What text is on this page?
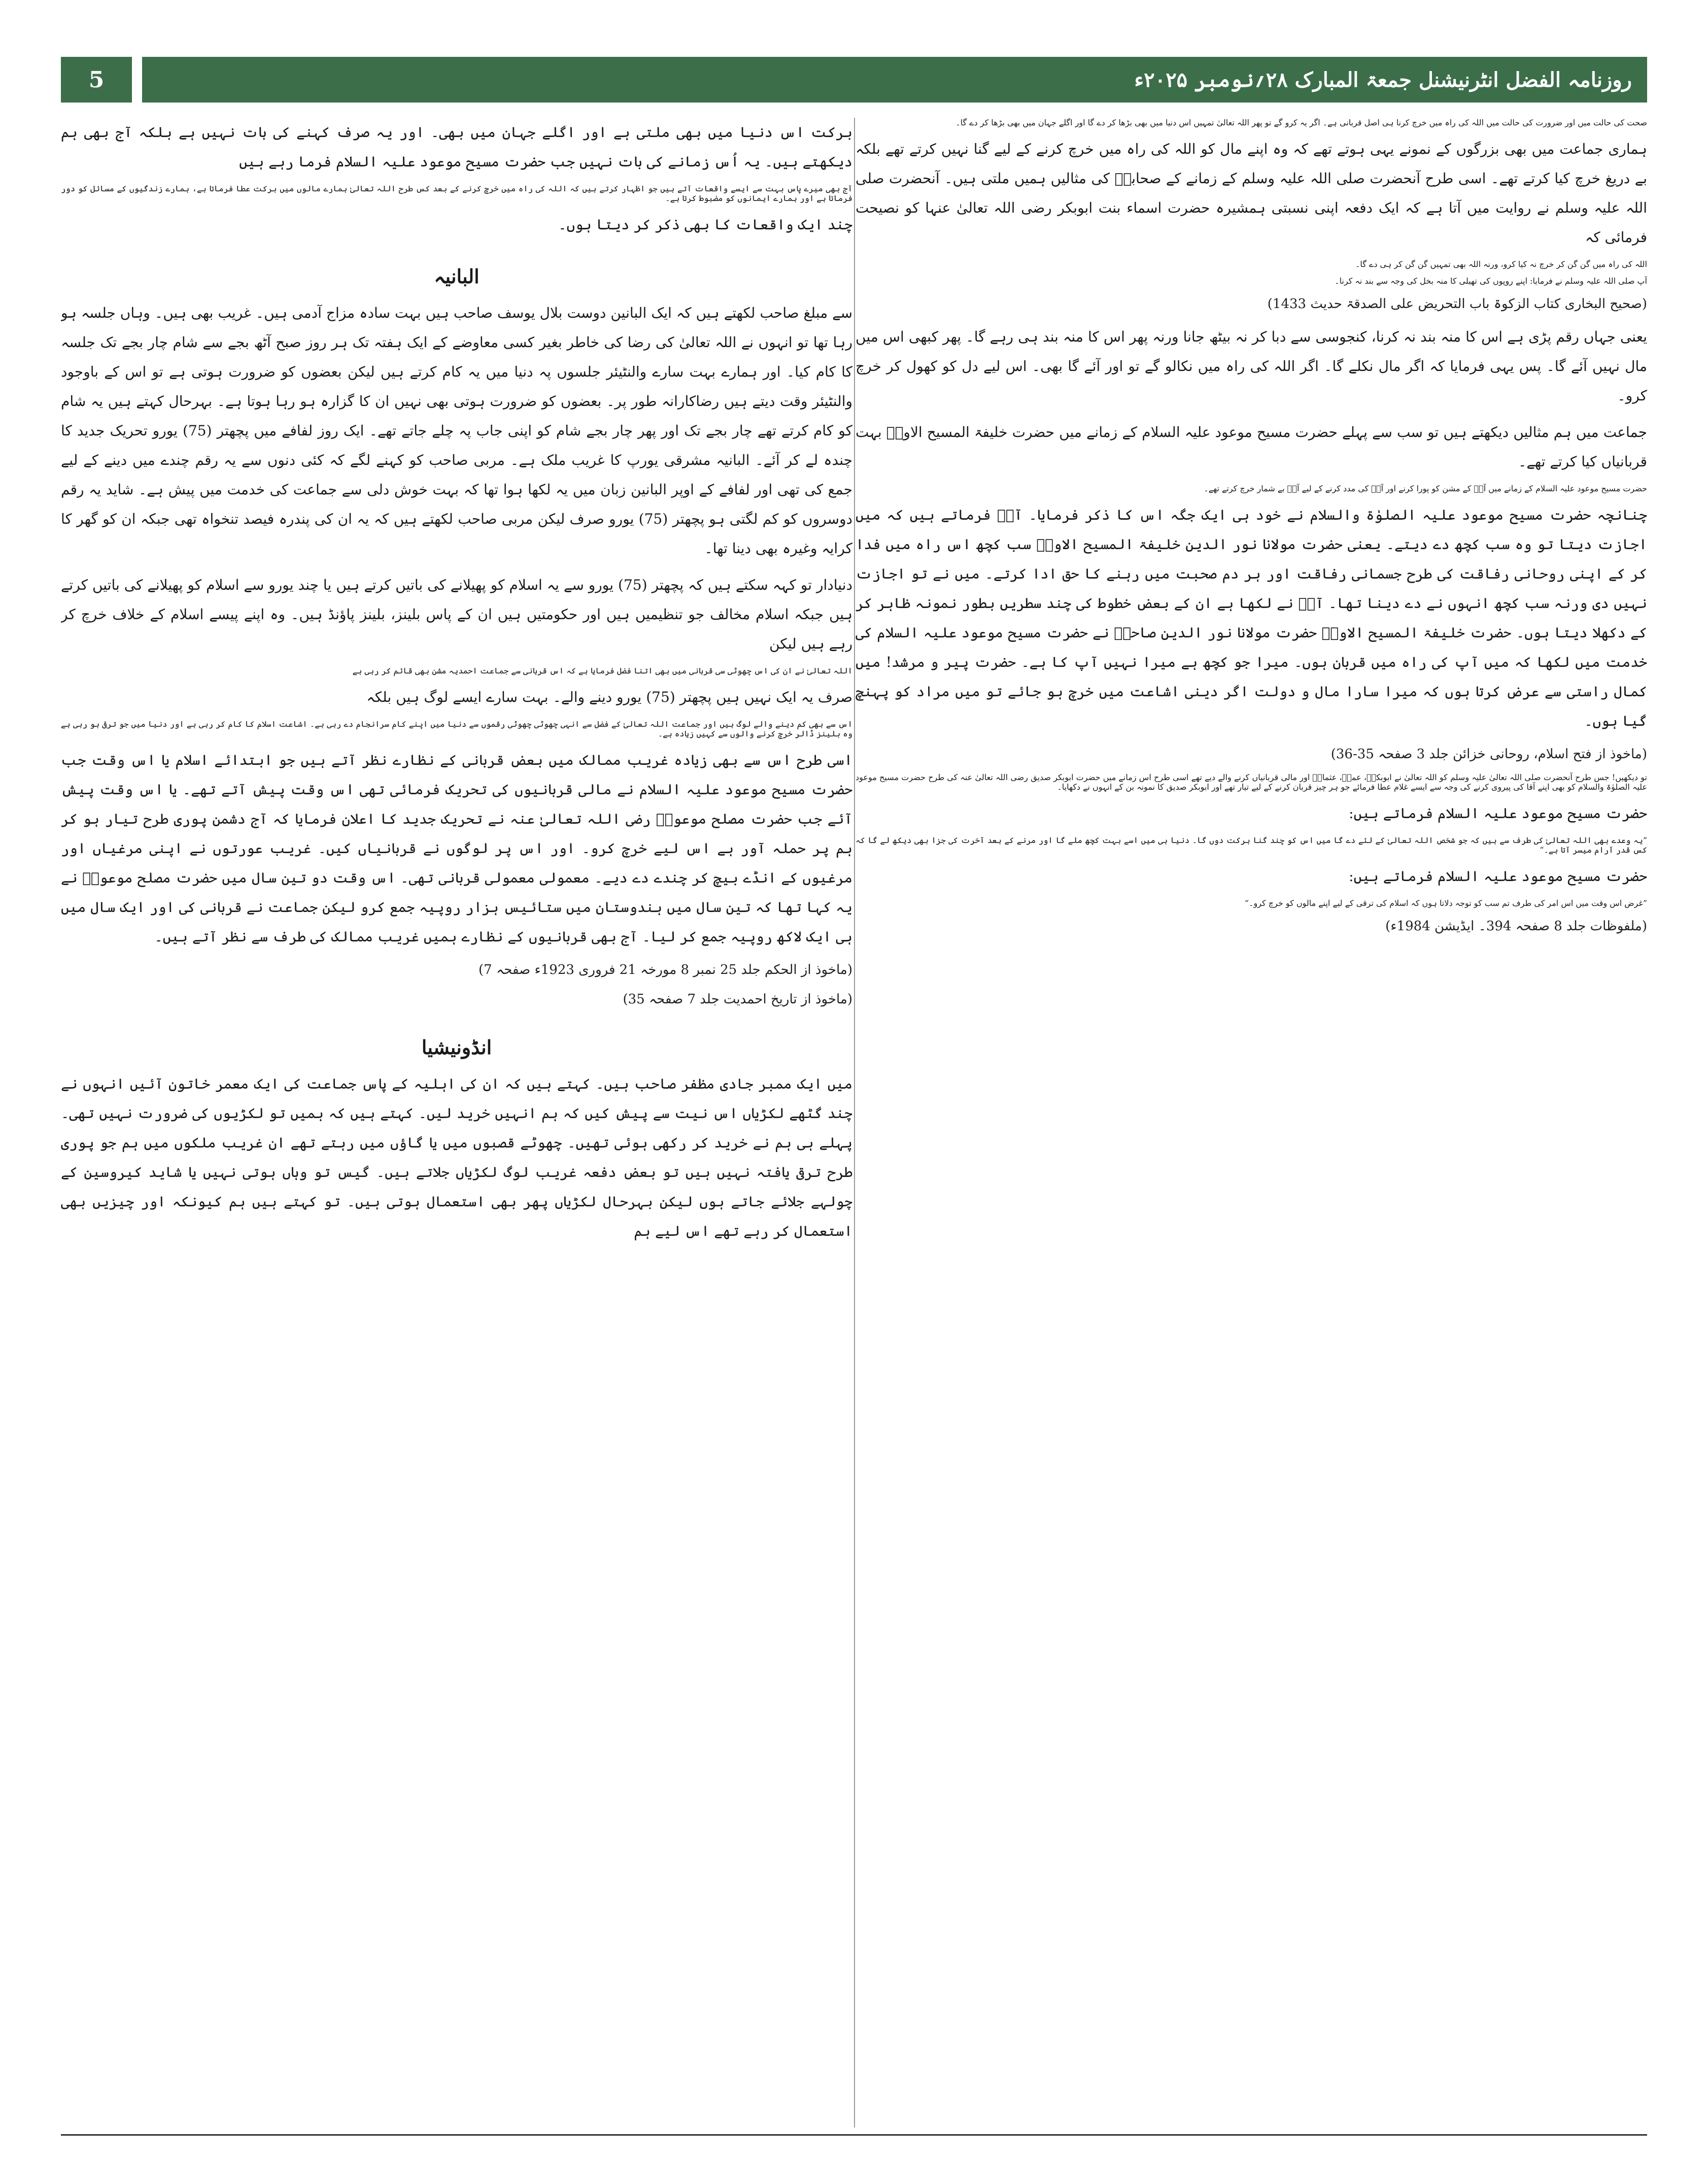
5	روزنامہ الفضل انٹرنیشنل جمعۃ المبارک ۲۸؍نومبر ۲۰۲۵ء

صحت کی حالت میں اور ضرورت کی حالت میں اللہ کی راہ میں خرچ کرنا ہی اصل قربانی ہے۔ اگر یہ کرو گے تو پھر اللہ تعالیٰ تمہیں اس دنیا میں بھی بڑھا کر دے گا اور اگلے جہان میں بھی بڑھا کر دے گا۔

ہماری جماعت میں بھی بزرگوں کے نمونے یہی ہوتے تھے کہ وہ اپنے مال کو اللہ کی راہ میں خرچ کرنے کے لیے گنا نہیں کرتے تھے بلکہ بے دریغ خرچ کیا کرتے تھے۔ اسی طرح آنحضرت صلی اللہ علیہ وسلم کے زمانے کے صحابہؓ کی مثالیں ہمیں ملتی ہیں۔ آنحضرت صلی اللہ علیہ وسلم نے روایت میں آتا ہے کہ ایک دفعہ اپنی نسبتی ہمشیرہ حضرت اسماء بنت ابوبکر رضی اللہ تعالیٰ عنہا کو نصیحت فرمائی کہ

اللہ کی راہ میں گن گن کر خرچ نہ کیا کرو، ورنہ اللہ بھی تمہیں گن گن کر ہی دے گا۔

آپ صلی اللہ علیہ وسلم نے فرمایا: اپنے روپوں کی تھیلی کا منہ بخل کی وجہ سے بند نہ کرنا۔

(صحیح البخاری کتاب الزکوۃ باب التحریض علی الصدقۃ حدیث 1433)

یعنی جہاں رقم پڑی ہے اس کا منہ بند نہ کرنا، کنجوسی سے دبا کر نہ بیٹھ جانا ورنہ پھر اس کا منہ بند ہی رہے گا۔ پھر کبھی اس میں مال نہیں آئے گا۔ پس یہی فرمایا کہ اگر مال نکلے گا۔ اگر اللہ کی راہ میں نکالو گے تو اور آئے گا بھی۔ اس لیے دل کو کھول کر خرچ کرو۔

جماعت میں ہم مثالیں دیکھتے ہیں تو سب سے پہلے حضرت مسیح موعود علیہ السلام کے زمانے میں حضرت خلیفۃ المسیح الاولؓ بہت قربانیاں کیا کرتے تھے۔

حضرت مسیح موعود علیہ السلام کے زمانے میں آپؑ کے مشن کو پورا کرنے اور آپؑ کی مدد کرنے کے لیے آپؓ بے شمار خرچ کرتے تھے۔

چنانچہ حضرت مسیح موعود علیہ الصلوٰۃ والسلام نے خود ہی ایک جگہ اس کا ذکر فرمایا۔ آپؑ فرماتے ہیں کہ میں اجازت دیتا تو وہ سب کچھ دے دیتے۔ یعنی حضرت مولانا نور الدین خلیفۃ المسیح الاولؓ سب کچھ اس راہ میں فدا کر کے اپنی روحانی رفاقت کی طرح جسمانی رفاقت اور ہر دم صحبت میں رہنے کا حق ادا کرتے۔ میں نے تو اجازت نہیں دی ورنہ سب کچھ انہوں نے دے دینا تھا۔ آپؑ نے لکھا ہے ان کے بعض خطوط کی چند سطریں بطور نمونہ ظاہر کر کے دکھلا دیتا ہوں۔ حضرت خلیفۃ المسیح الاولؓ حضرت مولانا نور الدین صاحبؓ نے حضرت مسیح موعود علیہ السلام کی خدمت میں لکھا کہ میں آپ کی راہ میں قربان ہوں۔ میرا جو کچھ ہے میرا نہیں آپ کا ہے۔ حضرت پیر و مرشد! میں کمال راستی سے عرض کرتا ہوں کہ میرا سارا مال و دولت اگر دینی اشاعت میں خرچ ہو جائے تو میں مراد کو پہنچ گیا ہوں۔

(ماخوذ از فتح اسلام، روحانی خزائن جلد 3 صفحہ 35-36)

تو دیکھیں! جس طرح آنحضرت صلی اللہ تعالیٰ علیہ وسلم کو اللہ تعالیٰ نے ابوبکرؓ، عمرؓ، عثمانؓ اور مالی قربانیاں کرنے والے دیے تھے اسی طرح اس زمانے میں حضرت ابوبکر صدیق رضی اللہ تعالیٰ عنہ کی طرح حضرت مسیح موعود علیہ الصلوٰۃ والسلام کو بھی اپنے آقا کی پیروی کرنے کی وجہ سے ایسے غلام عطا فرمائے جو ہر چیز قربان کرنے کے لیے تیار تھے اور ابوبکر صدیق کا نمونہ بن کے انہوں نے دکھایا۔

حضرت مسیح موعود علیہ السلام فرماتے ہیں:

”یہ وعدے بھی اللہ تعالیٰ کی طرف سے ہیں کہ جو شخص اللہ تعالیٰ کے لئے دے گا میں اس کو چند گنا برکت دوں گا۔ دنیا ہی میں اسے بہت کچھ ملے گا اور مرنے کے بعد آخرت کی جزا بھی دیکھ لے گا کہ کس قدر آرام میسر آتا ہے۔“

حضرت مسیح موعود علیہ السلام فرماتے ہیں:

”غرض اس وقت میں اس امر کی طرف تم سب کو توجہ دلاتا ہوں کہ اسلام کی ترقی کے لیے اپنے مالوں کو خرچ کرو۔“

(ملفوظات جلد 8 صفحہ 394۔ ایڈیشن 1984ء)

برکت اس دنیا میں بھی ملتی ہے اور اگلے جہان میں بھی۔ اور یہ صرف کہنے کی بات نہیں ہے بلکہ آج بھی ہم دیکھتے ہیں۔ یہ اُس زمانے کی بات نہیں جب حضرت مسیح موعود علیہ السلام فرما رہے ہیں

آج بھی میرے پاس بہت سے ایسے واقعات آتے ہیں جو اظہار کرتے ہیں کہ اللہ کی راہ میں خرچ کرنے کے بعد کس طرح اللہ تعالیٰ ہمارے مالوں میں برکت عطا فرماتا ہے، ہمارے زندگیوں کے مسائل کو دور فرماتا ہے اور ہمارے ایمانوں کو مضبوط کرتا ہے۔

چند ایک واقعات کا بھی ذکر کر دیتا ہوں۔

البانیہ

سے مبلغ صاحب لکھتے ہیں کہ ایک البانین دوست بلال یوسف صاحب ہیں بہت سادہ مزاج آدمی ہیں۔ غریب بھی ہیں۔ وہاں جلسہ ہو رہا تھا تو انہوں نے اللہ تعالیٰ کی رضا کی خاطر بغیر کسی معاوضے کے ایک ہفتہ تک ہر روز صبح آٹھ بجے سے شام چار بجے تک جلسہ کا کام کیا۔ اور ہمارے بہت سارے والنٹیئر جلسوں پہ دنیا میں یہ کام کرتے ہیں لیکن بعضوں کو ضرورت ہوتی ہے تو اس کے باوجود والنٹیئر وقت دیتے ہیں رضاکارانہ طور پر۔ بعضوں کو ضرورت ہوتی بھی نہیں ان کا گزارہ ہو رہا ہوتا ہے۔ بہرحال کہتے ہیں یہ شام کو کام کرتے تھے چار بجے تک اور پھر چار بجے شام کو اپنی جاب پہ چلے جاتے تھے۔ ایک روز لفافے میں پچھتر (75) یورو تحریک جدید کا چندہ لے کر آئے۔ البانیہ مشرقی یورپ کا غریب ملک ہے۔ مربی صاحب کو کہنے لگے کہ کئی دنوں سے یہ رقم چندے میں دینے کے لیے جمع کی تھی اور لفافے کے اوپر البانین زبان میں یہ لکھا ہوا تھا کہ بہت خوش دلی سے جماعت کی خدمت میں پیش ہے۔ شاید یہ رقم دوسروں کو کم لگتی ہو پچھتر (75) یورو صرف لیکن مربی صاحب لکھتے ہیں کہ یہ ان کی پندرہ فیصد تنخواہ تھی جبکہ ان کو گھر کا کرایہ وغیرہ بھی دینا تھا۔

دنیادار تو کہہ سکتے ہیں کہ پچھتر (75) یورو سے یہ اسلام کو پھیلانے کی باتیں کرتے ہیں یا چند یورو سے اسلام کو پھیلانے کی باتیں کرتے ہیں جبکہ اسلام مخالف جو تنظیمیں ہیں اور حکومتیں ہیں ان کے پاس بلینز، بلینز پاؤنڈ ہیں۔ وہ اپنے پیسے اسلام کے خلاف خرچ کر رہے ہیں لیکن

اللہ تعالیٰ نے ان کی اس چھوٹی سی قربانی میں بھی اتنا فضل فرمایا ہے کہ اس قربانی سے جماعت احمدیہ مشن بھی قائم کر رہی ہے

صرف یہ ایک نہیں ہیں پچھتر (75) یورو دینے والے۔ بہت سارے ایسے لوگ ہیں بلکہ

اس سے بھی کم دینے والے لوگ ہیں اور جماعت اللہ تعالیٰ کے فضل سے انہی چھوٹی چھوٹی رقموں سے دنیا میں اپنے کام سرانجام دے رہی ہے۔ اشاعت اسلام کا کام کر رہی ہے اور دنیا میں جو ترقی ہو رہی ہے وہ بلینز ڈالر خرچ کرنے والوں سے کہیں زیادہ ہے۔

اسی طرح اس سے بھی زیادہ غریب ممالک میں بعض قربانی کے نظارے نظر آتے ہیں جو ابتدائے اسلام یا اس وقت جب حضرت مسیح موعود علیہ السلام نے مالی قربانیوں کی تحریک فرمائی تھی اس وقت پیش آتے تھے۔ یا اس وقت پیش آئے جب حضرت مصلح موعودؓ رضی اللہ تعالیٰ عنہ نے تحریک جدید کا اعلان فرمایا کہ آج دشمن پوری طرح تیار ہو کر ہم پر حملہ آور ہے اس لیے خرچ کرو۔ اور اس پر لوگوں نے قربانیاں کیں۔ غریب عورتوں نے اپنی مرغیاں اور مرغیوں کے انڈے بیچ کر چندے دے دیے۔ معمولی معمولی قربانی تھی۔ اس وقت دو تین سال میں حضرت مصلح موعودؓ نے یہ کہا تھا کہ تین سال میں ہندوستان میں ستائیس ہزار روپیہ جمع کرو لیکن جماعت نے قربانی کی اور ایک سال میں ہی ایک لاکھ روپیہ جمع کر لیا۔ آج بھی قربانیوں کے نظارے ہمیں غریب ممالک کی طرف سے نظر آتے ہیں۔

(ماخوذ از الحکم جلد 25 نمبر 8 مورخہ 21 فروری 1923ء صفحہ 7)

(ماخوذ از تاریخ احمدیت جلد 7 صفحہ 35)

انڈونیشیا

میں ایک ممبر جادی مظفر صاحب ہیں۔ کہتے ہیں کہ ان کی اہلیہ کے پاس جماعت کی ایک معمر خاتون آئیں انہوں نے چند گٹھے لکڑیاں اس نیت سے پیش کیں کہ ہم انہیں خرید لیں۔ کہتے ہیں کہ ہمیں تو لکڑیوں کی ضرورت نہیں تھی۔ پہلے ہی ہم نے خرید کر رکھی ہوئی تھیں۔ چھوٹے قصبوں میں یا گاؤں میں رہتے تھے ان غریب ملکوں میں ہم جو پوری طرح ترقی یافتہ نہیں ہیں تو بعض دفعہ غریب لوگ لکڑیاں جلاتے ہیں۔ گیس تو وہاں ہوتی نہیں یا شاید کیروسین کے چولہے جلائے جاتے ہوں لیکن بہرحال لکڑیاں پھر بھی استعمال ہوتی ہیں۔ تو کہتے ہیں ہم کیونکہ اور چیزیں بھی استعمال کر رہے تھے اس لیے ہم
